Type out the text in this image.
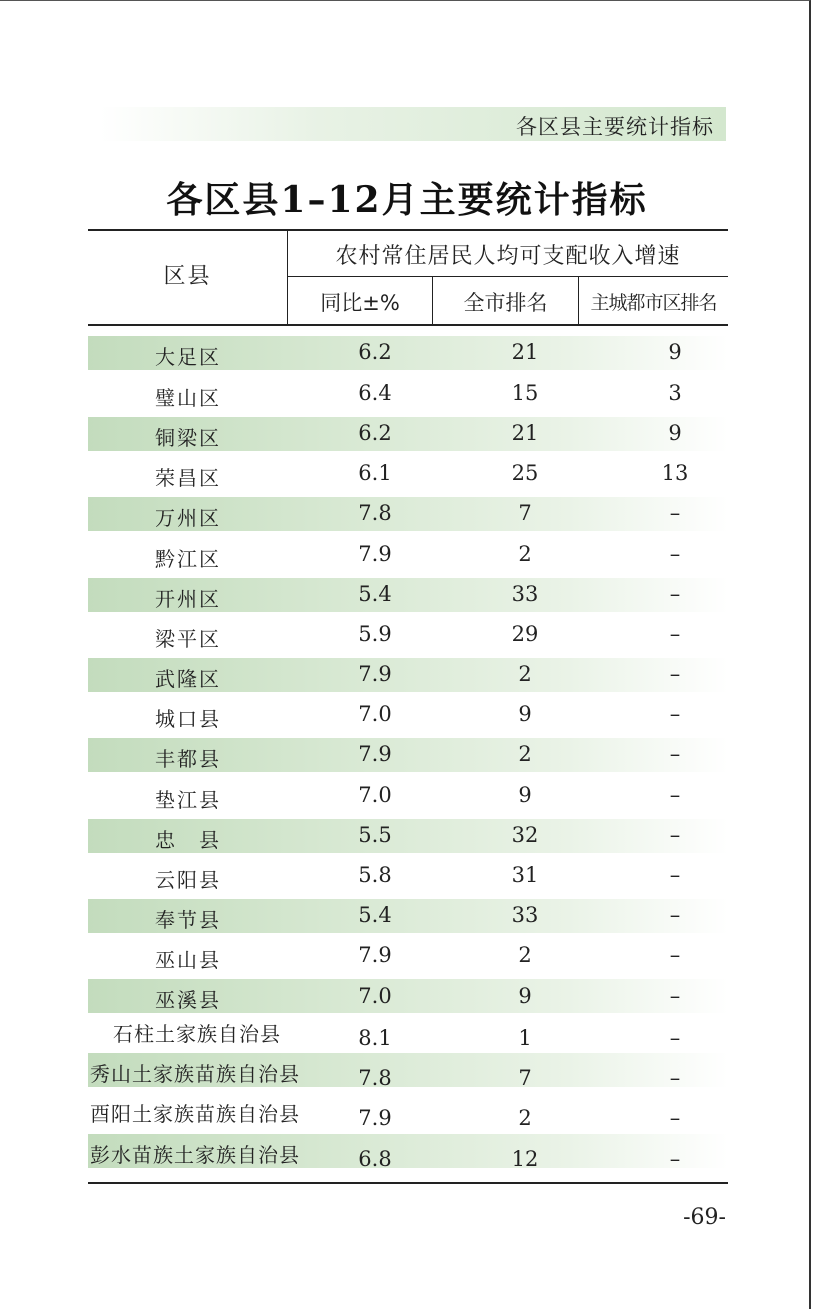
各区县主要统计指标
各区县1–12月主要统计指标
区县
农村常住居民人均可支配收入增速
同比±%	全市排名	主城都市区排名
大足区	6.2	21	9
璧山区	6.4	15	3
铜梁区	6.2	21	9
荣昌区	6.1	25	13
万州区	7.8	7	–
黔江区	7.9	2	–
开州区	5.4	33	–
梁平区	5.9	29	–
武隆区	7.9	2	–
城口县	7.0	9	–
丰都县	7.9	2	–
垫江县	7.0	9	–
忠　县	5.5	32	–
云阳县	5.8	31	–
奉节县	5.4	33	–
巫山县	7.9	2	–
巫溪县	7.0	9	–
石柱土家族自治县	8.1	1	–
秀山土家族苗族自治县	7.8	7	–
酉阳土家族苗族自治县	7.9	2	–
彭水苗族土家族自治县	6.8	12	–
-69-
